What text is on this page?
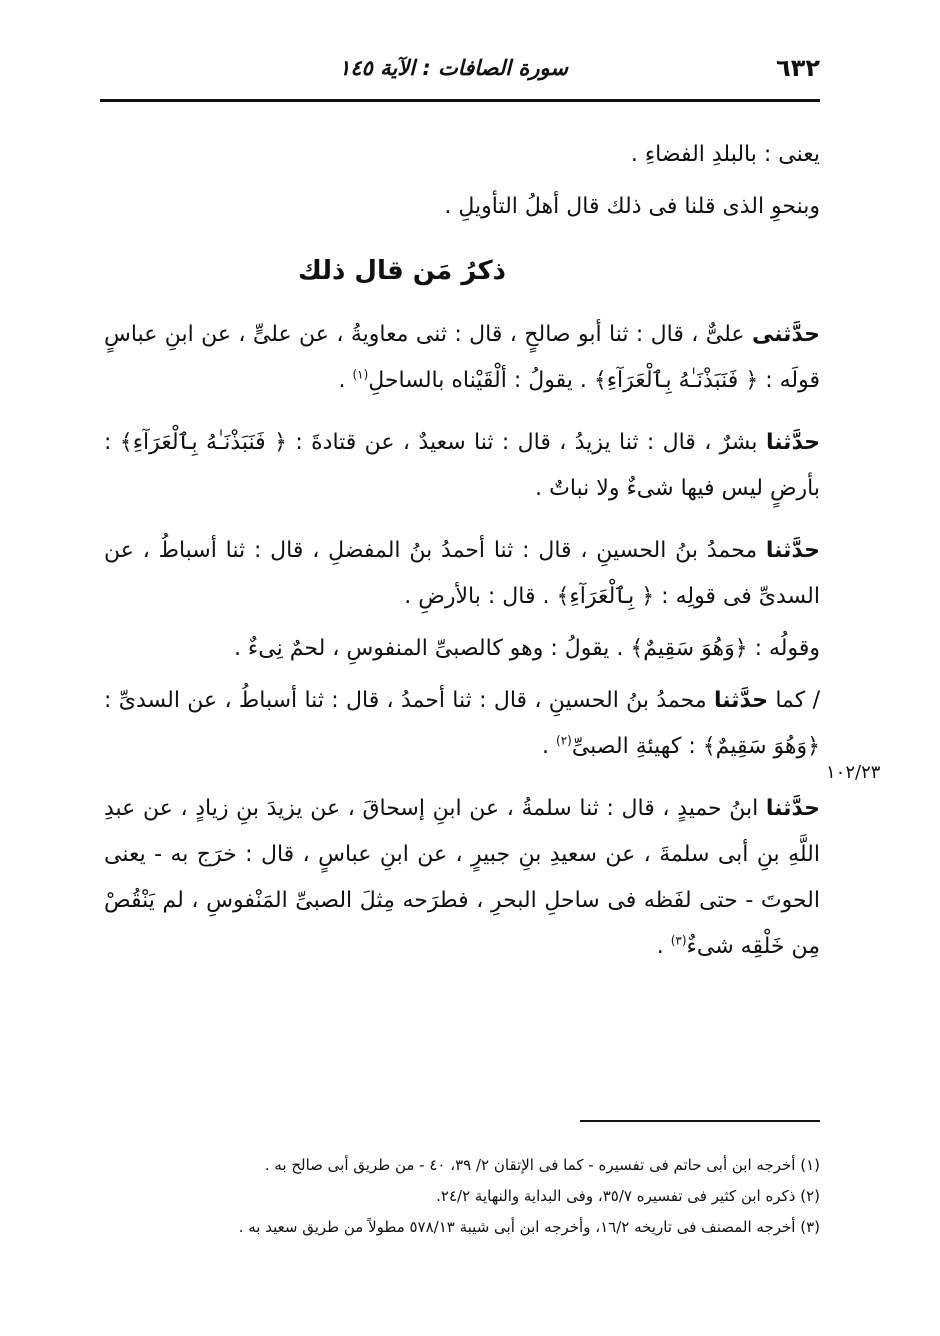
٦٣٢
سورة الصافات : الآية ١٤٥

يعنى : بالبلدِ الفضاءِ .

وبنحوِ الذى قلنا فى ذلك قال أهلُ التأويلِ .

ذكرُ مَن قال ذلك

حدَّثنى علىٌّ ، قال : ثنا أبو صالحٍ ، قال : ثنى معاويةُ ، عن علىٍّ ، عن ابنِ عباسٍ قولَه : ﴿ فَنَبَذْنَـٰهُ بِٱلْعَرَآءِ﴾ . يقولُ : ألْقَيْناه بالساحلِ$^{(١)}$ .

حدَّثنا بشرٌ ، قال : ثنا يزيدُ ، قال : ثنا سعيدٌ ، عن قتادةَ : ﴿ فَنَبَذْنَـٰهُ بِٱلْعَرَآءِ﴾ : بأرضٍ ليس فيها شىءٌ ولا نباتٌ .

حدَّثنا محمدُ بنُ الحسينِ ، قال : ثنا أحمدُ بنُ المفضلِ ، قال : ثنا أسباطُ ، عن السدىِّ فى قولِه : ﴿ بِٱلْعَرَآءِ﴾ . قال : بالأرضِ .

وقولُه : ﴿وَهُوَ سَقِيمٌ﴾ . يقولُ : وهو كالصبىِّ المنفوسِ ، لحمٌ نِىءٌ .

/ كما حدَّثنا محمدُ بنُ الحسينِ ، قال : ثنا أحمدُ ، قال : ثنا أسباطُ ، عن السدىِّ : ﴿وَهُوَ سَقِيمٌ﴾ : كهيئةِ الصبىِّ$^{(٢)}$ .

حدَّثنا ابنُ حميدٍ ، قال : ثنا سلمةُ ، عن ابنِ إسحاقَ ، عن يزيدَ بنِ زيادٍ ، عن عبدِ اللَّهِ بنِ أبى سلمةَ ، عن سعيدِ بنِ جبيرٍ ، عن ابنِ عباسٍ ، قال : خرَج به - يعنى الحوتَ - حتى لفَظه فى ساحلِ البحرِ ، فطرَحه مِثلَ الصبىِّ المَنْفوسِ ، لم يَنْقُصْ مِن خَلْقِه شىءٌ$^{(٣)}$ .

١٠٢/٢٣

(١) أخرجه ابن أبى حاتم فى تفسيره - كما فى الإتقان ٢/ ٣٩، ٤٠ - من طريق أبى صالح به .

(٢) ذكره ابن كثير فى تفسيره ٣٥/٧، وفى البداية والنهاية ٢٤/٢.

(٣) أخرجه المصنف فى تاريخه ١٦/٢، وأخرجه ابن أبى شيبة ٥٧٨/١٣ مطولاً من طريق سعيد به .
